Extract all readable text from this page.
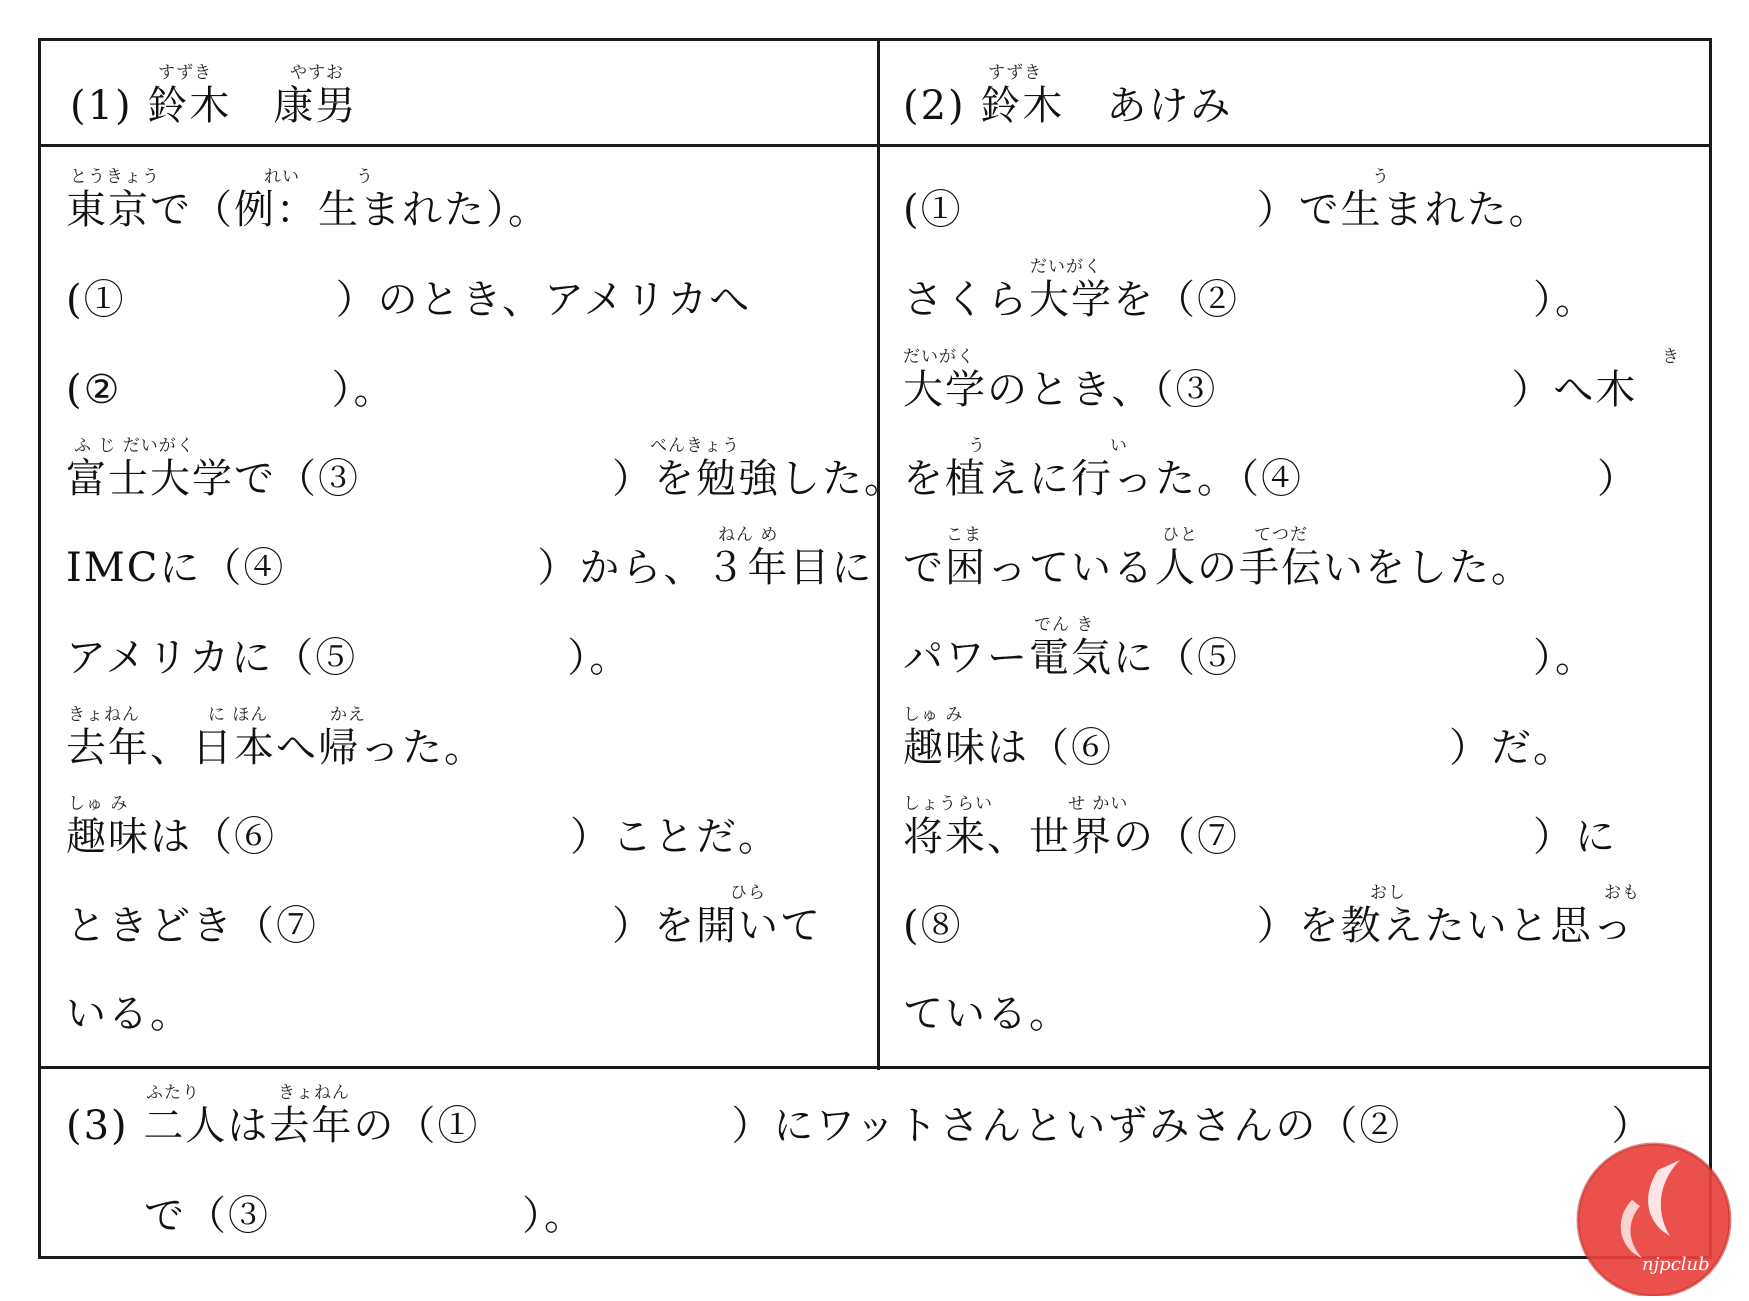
すずき	やすお
(1) 鈴木　康男
とうきょう	れい	う
東京で（例：生まれた）。
(①　　　　　）のとき、アメリカへ
(②　　　　　）。
ふ じ だいがく	べんきょう
富士大学で（③　　　　　　）を勉強した。
ねん め
IMCに（④　　　　　　）から、３年目に
アメリカに（⑤　　　　　）。
きょねん	に ほん	かえ
去年、日本へ帰った。
しゅ み
趣味は（⑥　　　　　　　）ことだ。
ひら
ときどき（⑦　　　　　　　）を開いて
いる。
すずき
(2) 鈴木　あけみ
う
(①　　　　　　　）で生まれた。
だいがく
さくら大学を（②　　　　　　　）。
だいがく	き
大学のとき、（③　　　　　　　）へ木
う	い
を植えに行った。（④　　　　　　　）
こま	ひと	てつだ
で困っている人の手伝いをした。
でん き
パワー電気に（⑤　　　　　　　）。
しゅ み
趣味は（⑥　　　　　　　　）だ。
しょうらい	せ かい
将来、世界の（⑦　　　　　　　）に
おし	おも
(⑧　　　　　　　）を教えたいと思っ
ている。
ふたり	きょねん
(3) 二人は去年の（①　　　　　　）にワットさんといずみさんの（②　　　　　）
で（③　　　　　　）。
njpclub
